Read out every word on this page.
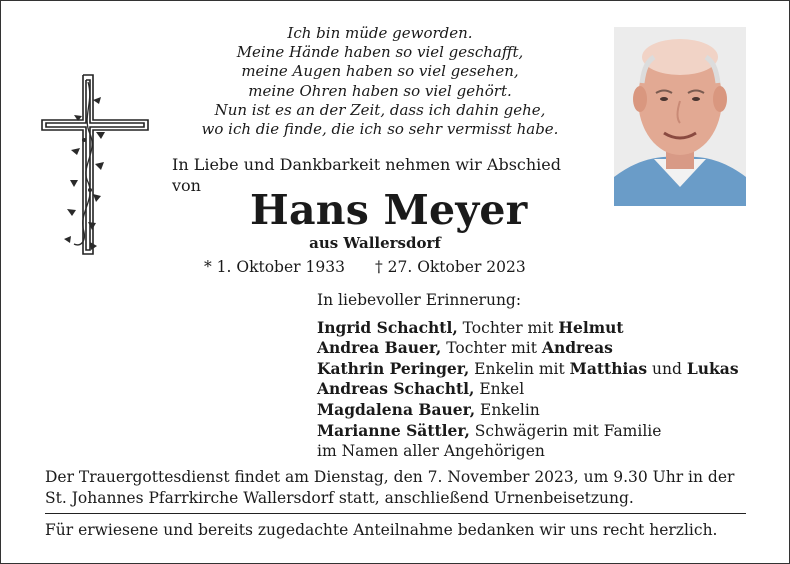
Ich bin müde geworden.
Meine Hände haben so viel geschafft,
meine Augen haben so viel gesehen,
meine Ohren haben so viel gehört.
Nun ist es an der Zeit, dass ich dahin gehe,
wo ich die finde, die ich so sehr vermisst habe.
In Liebe und Dankbarkeit nehmen wir Abschied
von
Hans Meyer
aus Wallersdorf
* 1. Oktober 1933 † 27. Oktober 2023
In liebevoller Erinnerung:
Ingrid Schachtl, Tochter mit Helmut
Andrea Bauer, Tochter mit Andreas
Kathrin Peringer, Enkelin mit Matthias und Lukas
Andreas Schachtl, Enkel
Magdalena Bauer, Enkelin
Marianne Sättler, Schwägerin mit Familie
im Namen aller Angehörigen
Der Trauergottesdienst findet am Dienstag, den 7. November 2023, um 9.30 Uhr in der St. Johannes Pfarrkirche Wallersdorf statt, anschließend Urnenbeisetzung.
Für erwiesene und bereits zugedachte Anteilnahme bedanken wir uns recht herzlich.
